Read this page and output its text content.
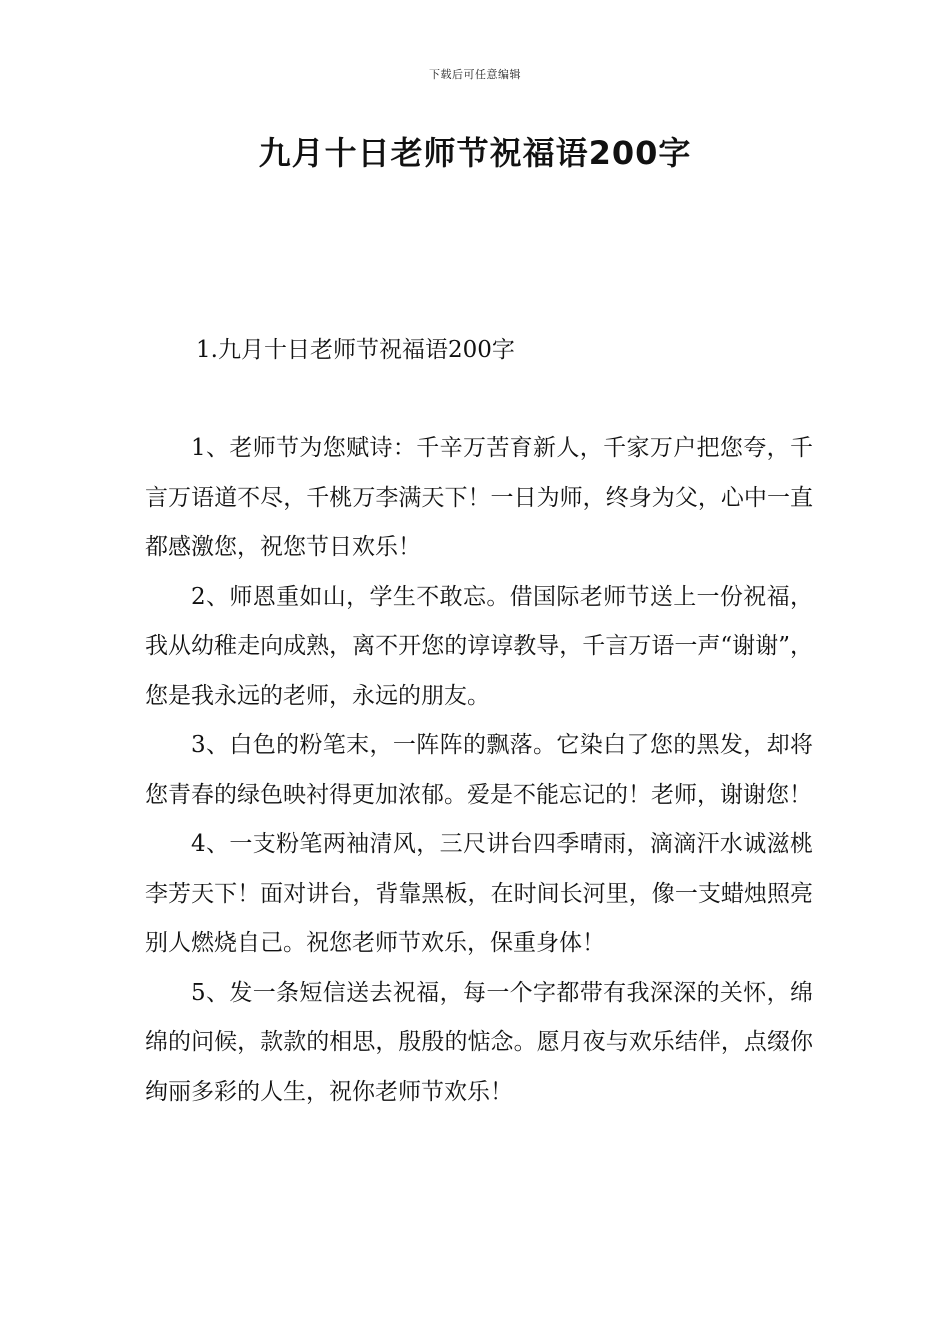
下载后可任意编辑
九月十日老师节祝福语200字
1.九月十日老师节祝福语200字

1、老师节为您赋诗：千辛万苦育新人，千家万户把您夸，千言万语道不尽，千桃万李满天下！一日为师，终身为父，心中一直都感激您，祝您节日欢乐！

2、师恩重如山，学生不敢忘。借国际老师节送上一份祝福，我从幼稚走向成熟，离不开您的谆谆教导，千言万语一声“谢谢”，您是我永远的老师，永远的朋友。

3、白色的粉笔末，一阵阵的飘落。它染白了您的黑发，却将您青春的绿色映衬得更加浓郁。爱是不能忘记的！老师，谢谢您！

4、一支粉笔两袖清风，三尺讲台四季晴雨，滴滴汗水诚滋桃李芳天下！面对讲台，背靠黑板，在时间长河里，像一支蜡烛照亮别人燃烧自己。祝您老师节欢乐，保重身体！

5、发一条短信送去祝福，每一个字都带有我深深的关怀，绵绵的问候，款款的相思，殷殷的惦念。愿月夜与欢乐结伴，点缀你绚丽多彩的人生，祝你老师节欢乐！
